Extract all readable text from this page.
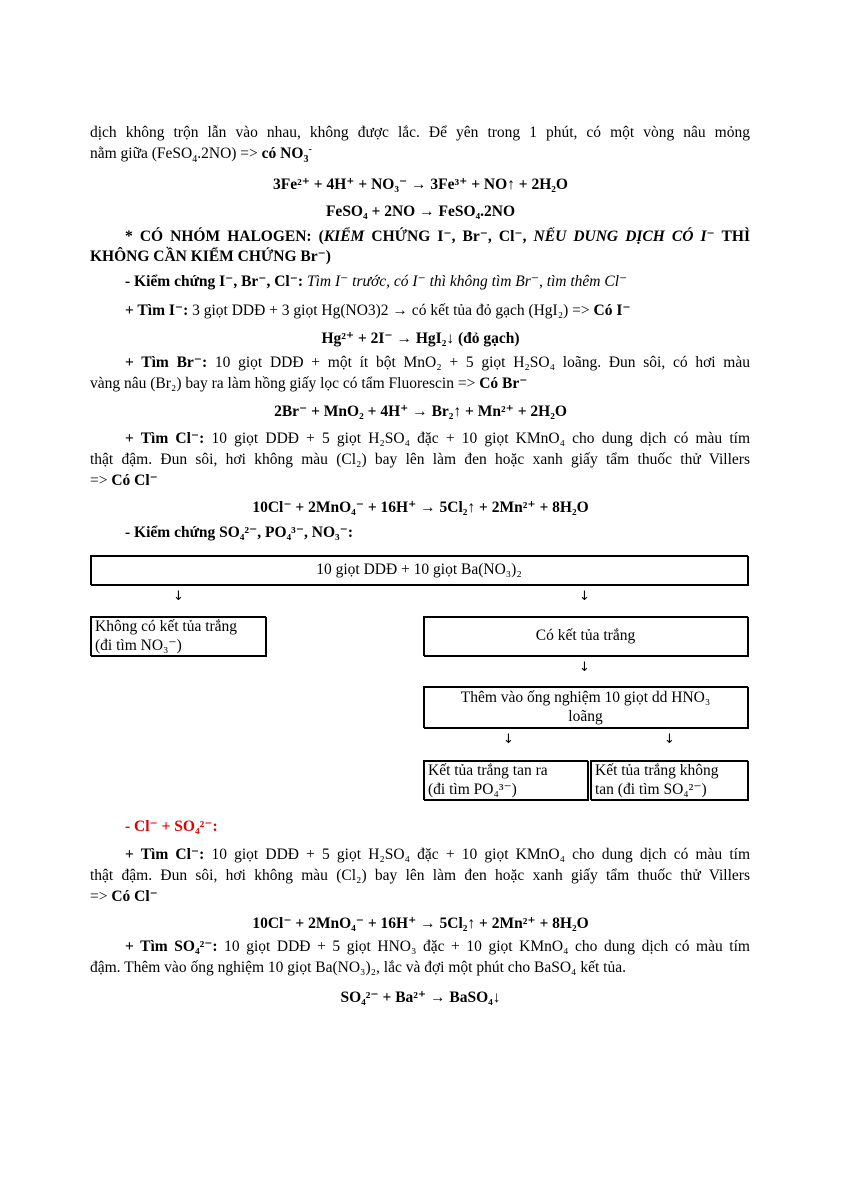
dịch không trộn lẫn vào nhau, không được lắc. Để yên trong 1 phút, có một vòng nâu mỏng
nằm giữa (FeSO$_4$.2NO) => có $NO_3^-$
3Fe²⁺ + 4H⁺ + NO₃⁻ → 3Fe³⁺ + NO↑ + 2H₂O
FeSO₄ + 2NO → FeSO₄.2NO
* CÓ NHÓM HALOGEN: (KIỂM CHỨNG I⁻, Br⁻, Cl⁻, NẾU DUNG DỊCH CÓ I⁻ THÌ
KHÔNG CẦN KIỂM CHỨNG Br⁻)
- Kiểm chứng I⁻, Br⁻, Cl⁻: Tìm I⁻ trước, có I⁻ thì không tìm Br⁻, tìm thêm Cl⁻
+ Tìm I⁻: 3 giọt DDĐ + 3 giọt Hg(NO3)2 → có kết tủa đỏ gạch (HgI₂) => Có I⁻
Hg²⁺ + 2I⁻ → HgI₂↓ (đỏ gạch)
+ Tìm Br⁻: 10 giọt DDĐ + một ít bột MnO₂ + 5 giọt H₂SO₄ loãng. Đun sôi, có hơi màu
vàng nâu (Br₂) bay ra làm hồng giấy lọc có tẩm Fluorescin => Có Br⁻
2Br⁻ + MnO₂ + 4H⁺ → Br₂↑ + Mn²⁺ + 2H₂O
+ Tìm Cl⁻: 10 giọt DDĐ + 5 giọt H₂SO₄ đặc + 10 giọt KMnO₄ cho dung dịch có màu tím
thật đậm. Đun sôi, hơi không màu (Cl₂) bay lên làm đen hoặc xanh giấy tẩm thuốc thử Villers
=> Có Cl⁻
10Cl⁻ + 2MnO₄⁻ + 16H⁺ → 5Cl₂↑ + 2Mn²⁺ + 8H₂O
- Kiểm chứng SO₄²⁻, PO₄³⁻, NO₃⁻:
10 giọt DDĐ + 10 giọt Ba(NO₃)₂
↓	↓
Không có kết tủa trắng
(đi tìm NO₃⁻)
Có kết tủa trắng
↓
Thêm vào ống nghiệm 10 giọt dd HNO₃
loãng
↓	↓
Kết tủa trắng tan ra
(đi tìm PO₄³⁻)
Kết tủa trắng không
tan (đi tìm SO₄²⁻)
- Cl⁻ + SO₄²⁻:
+ Tìm Cl⁻: 10 giọt DDĐ + 5 giọt H₂SO₄ đặc + 10 giọt KMnO₄ cho dung dịch có màu tím
thật đậm. Đun sôi, hơi không màu (Cl₂) bay lên làm đen hoặc xanh giấy tẩm thuốc thử Villers
=> Có Cl⁻
10Cl⁻ + 2MnO₄⁻ + 16H⁺ → 5Cl₂↑ + 2Mn²⁺ + 8H₂O
+ Tìm SO₄²⁻: 10 giọt DDĐ + 5 giọt HNO₃ đặc + 10 giọt KMnO₄ cho dung dịch có màu tím
đậm. Thêm vào ống nghiệm 10 giọt Ba(NO₃)₂, lắc và đợi một phút cho BaSO₄ kết tủa.
SO₄²⁻ + Ba²⁺ → BaSO₄↓
